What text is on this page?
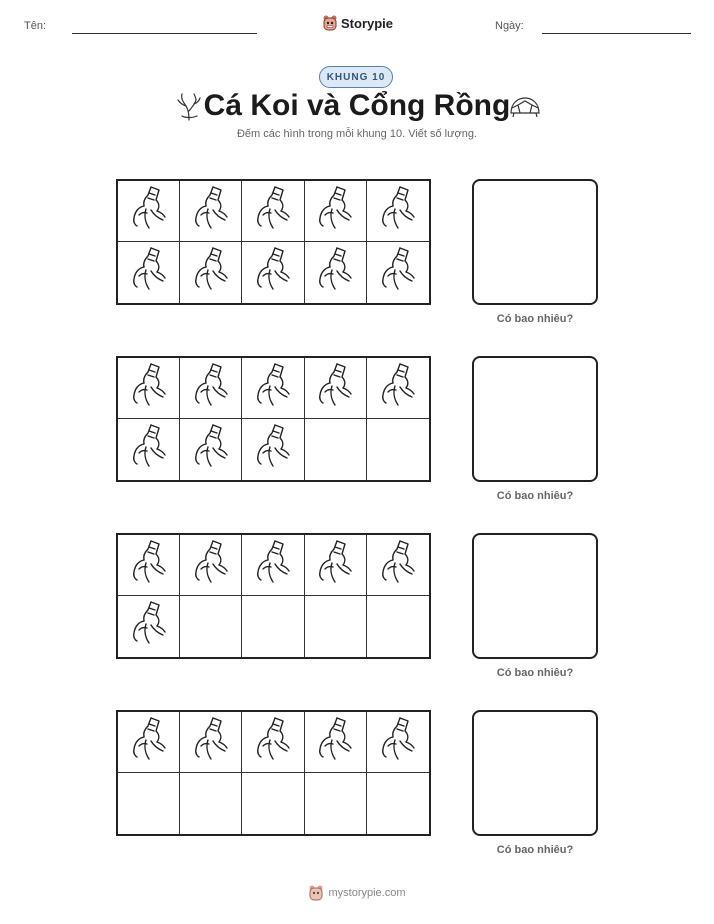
Tên:	Storypie	Ngày:
KHUNG 10
Cá Koi và Cổng Rồng
Đếm các hình trong mỗi khung 10. Viết số lượng.
Có bao nhiêu?
Có bao nhiêu?
Có bao nhiêu?
Có bao nhiêu?
mystorypie.com
